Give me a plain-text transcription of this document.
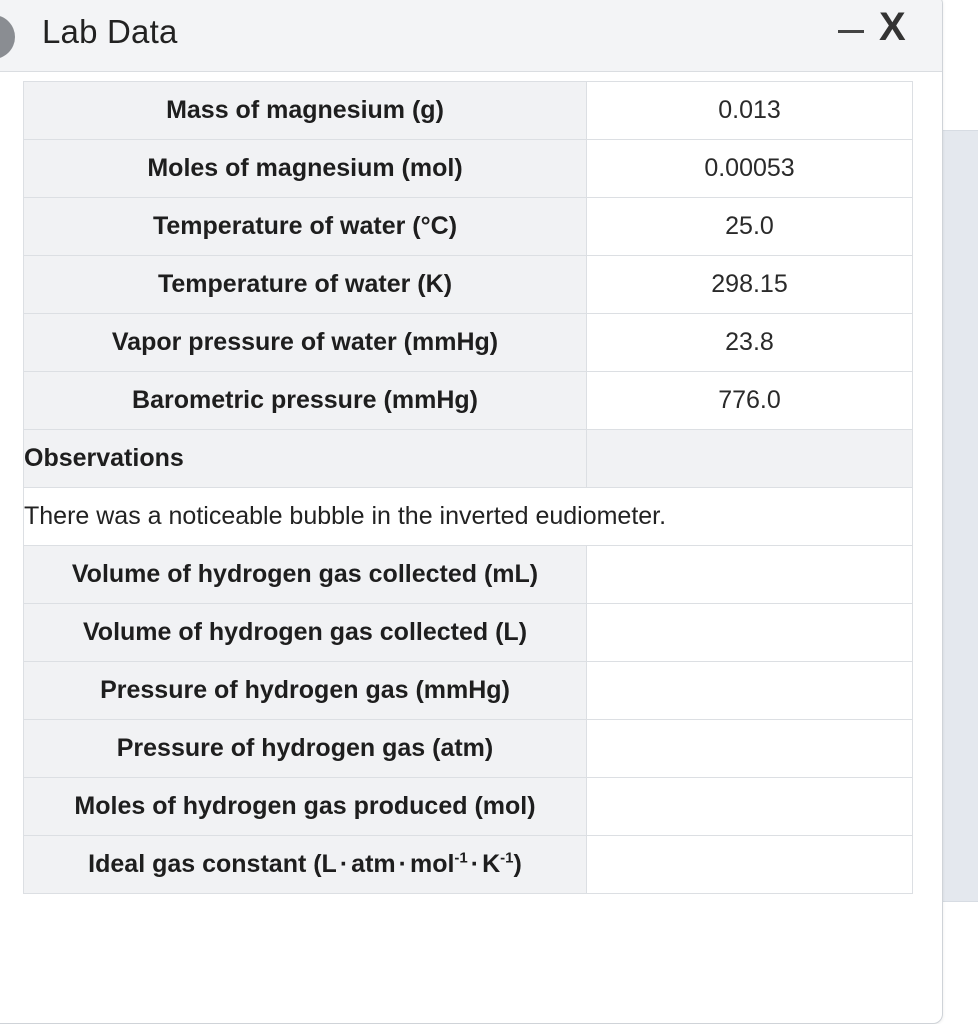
Lab Data	X
Mass of magnesium (g)	0.013
Moles of magnesium (mol)	0.00053
Temperature of water (°C)	25.0
Temperature of water (K)	298.15
Vapor pressure of water (mmHg)	23.8
Barometric pressure (mmHg)	776.0
Observations	
There was a noticeable bubble in the inverted eudiometer.	
Volume of hydrogen gas collected (mL)	
Volume of hydrogen gas collected (L)	
Pressure of hydrogen gas (mmHg)	
Pressure of hydrogen gas (atm)	
Moles of hydrogen gas produced (mol)	
Ideal gas constant (L · atm · $mol^{-1} \cdot K^{-1}$)	
